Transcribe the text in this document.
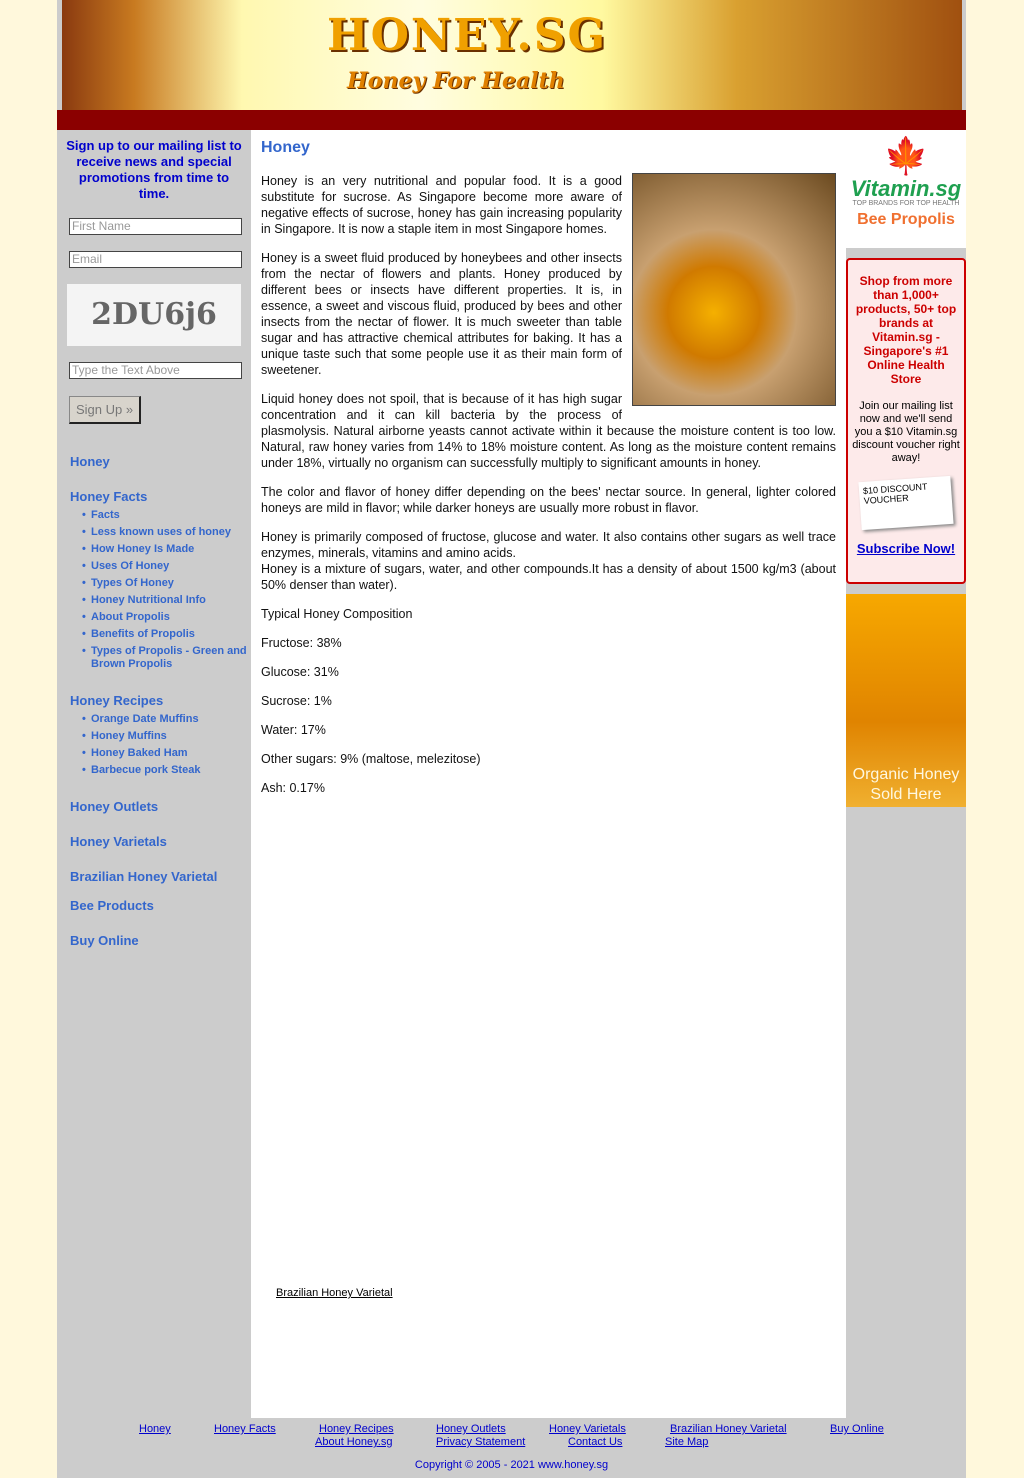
HONEY.SG
Honey For Health
Sign up to our mailing list to receive news and special promotions from time to time.
First Name
Email
2DU6j6
Type the Text Above
Sign Up »
Honey
Honey Facts
• Facts
• Less known uses of honey
• How Honey Is Made
• Uses Of Honey
• Types Of Honey
• Honey Nutritional Info
• About Propolis
• Benefits of Propolis
• Types of Propolis - Green and Brown Propolis
Honey Recipes
• Orange Date Muffins
• Honey Muffins
• Honey Baked Ham
• Barbecue pork Steak
Honey Outlets
Honey Varietals
Brazilian Honey Varietal
Bee Products
Buy Online
Honey

Honey is an very nutritional and popular food. It is a good substitute for sucrose. As Singapore become more aware of negative effects of sucrose, honey has gain increasing popularity in Singapore. It is now a staple item in most Singapore homes.

Honey is a sweet fluid produced by honeybees and other insects from the nectar of flowers and plants. Honey produced by different bees or insects have different properties. It is, in essence, a sweet and viscous fluid, produced by bees and other insects from the nectar of flower. It is much sweeter than table sugar and has attractive chemical attributes for baking. It has a unique taste such that some people use it as their main form of sweetener.

Liquid honey does not spoil, that is because of it has high sugar concentration and it can kill bacteria by the process of plasmolysis. Natural airborne yeasts cannot activate within it because the moisture content is too low. Natural, raw honey varies from 14% to 18% moisture content. As long as the moisture content remains under 18%, virtually no organism can successfully multiply to significant amounts in honey.

The color and flavor of honey differ depending on the bees' nectar source. In general, lighter colored honeys are mild in flavor; while darker honeys are usually more robust in flavor.

Honey is primarily composed of fructose, glucose and water. It also contains other sugars as well trace enzymes, minerals, vitamins and amino acids.
Honey is a mixture of sugars, water, and other compounds.It has a density of about 1500 kg/m3 (about 50% denser than water).

Typical Honey Composition

Fructose: 38%

Glucose: 31%

Sucrose: 1%

Water: 17%

Other sugars: 9% (maltose, melezitose)

Ash: 0.17%

Brazilian Honey Varietal
🍁
Vitamin.sg
TOP BRANDS FOR TOP HEALTH
Bee Propolis
Shop from more than 1,000+ products, 50+ top brands at Vitamin.sg - Singapore's #1 Online Health Store
Join our mailing list now and we'll send you a $10 Vitamin.sg discount voucher right away!
$10 DISCOUNT VOUCHER
Subscribe Now!
Organic Honey Sold Here
Honey	Honey Facts	Honey Recipes	Honey Outlets	Honey Varietals	Brazilian Honey Varietal	Buy Online
About Honey.sg	Privacy Statement	Contact Us	Site Map
Copyright © 2005 - 2021 www.honey.sg
